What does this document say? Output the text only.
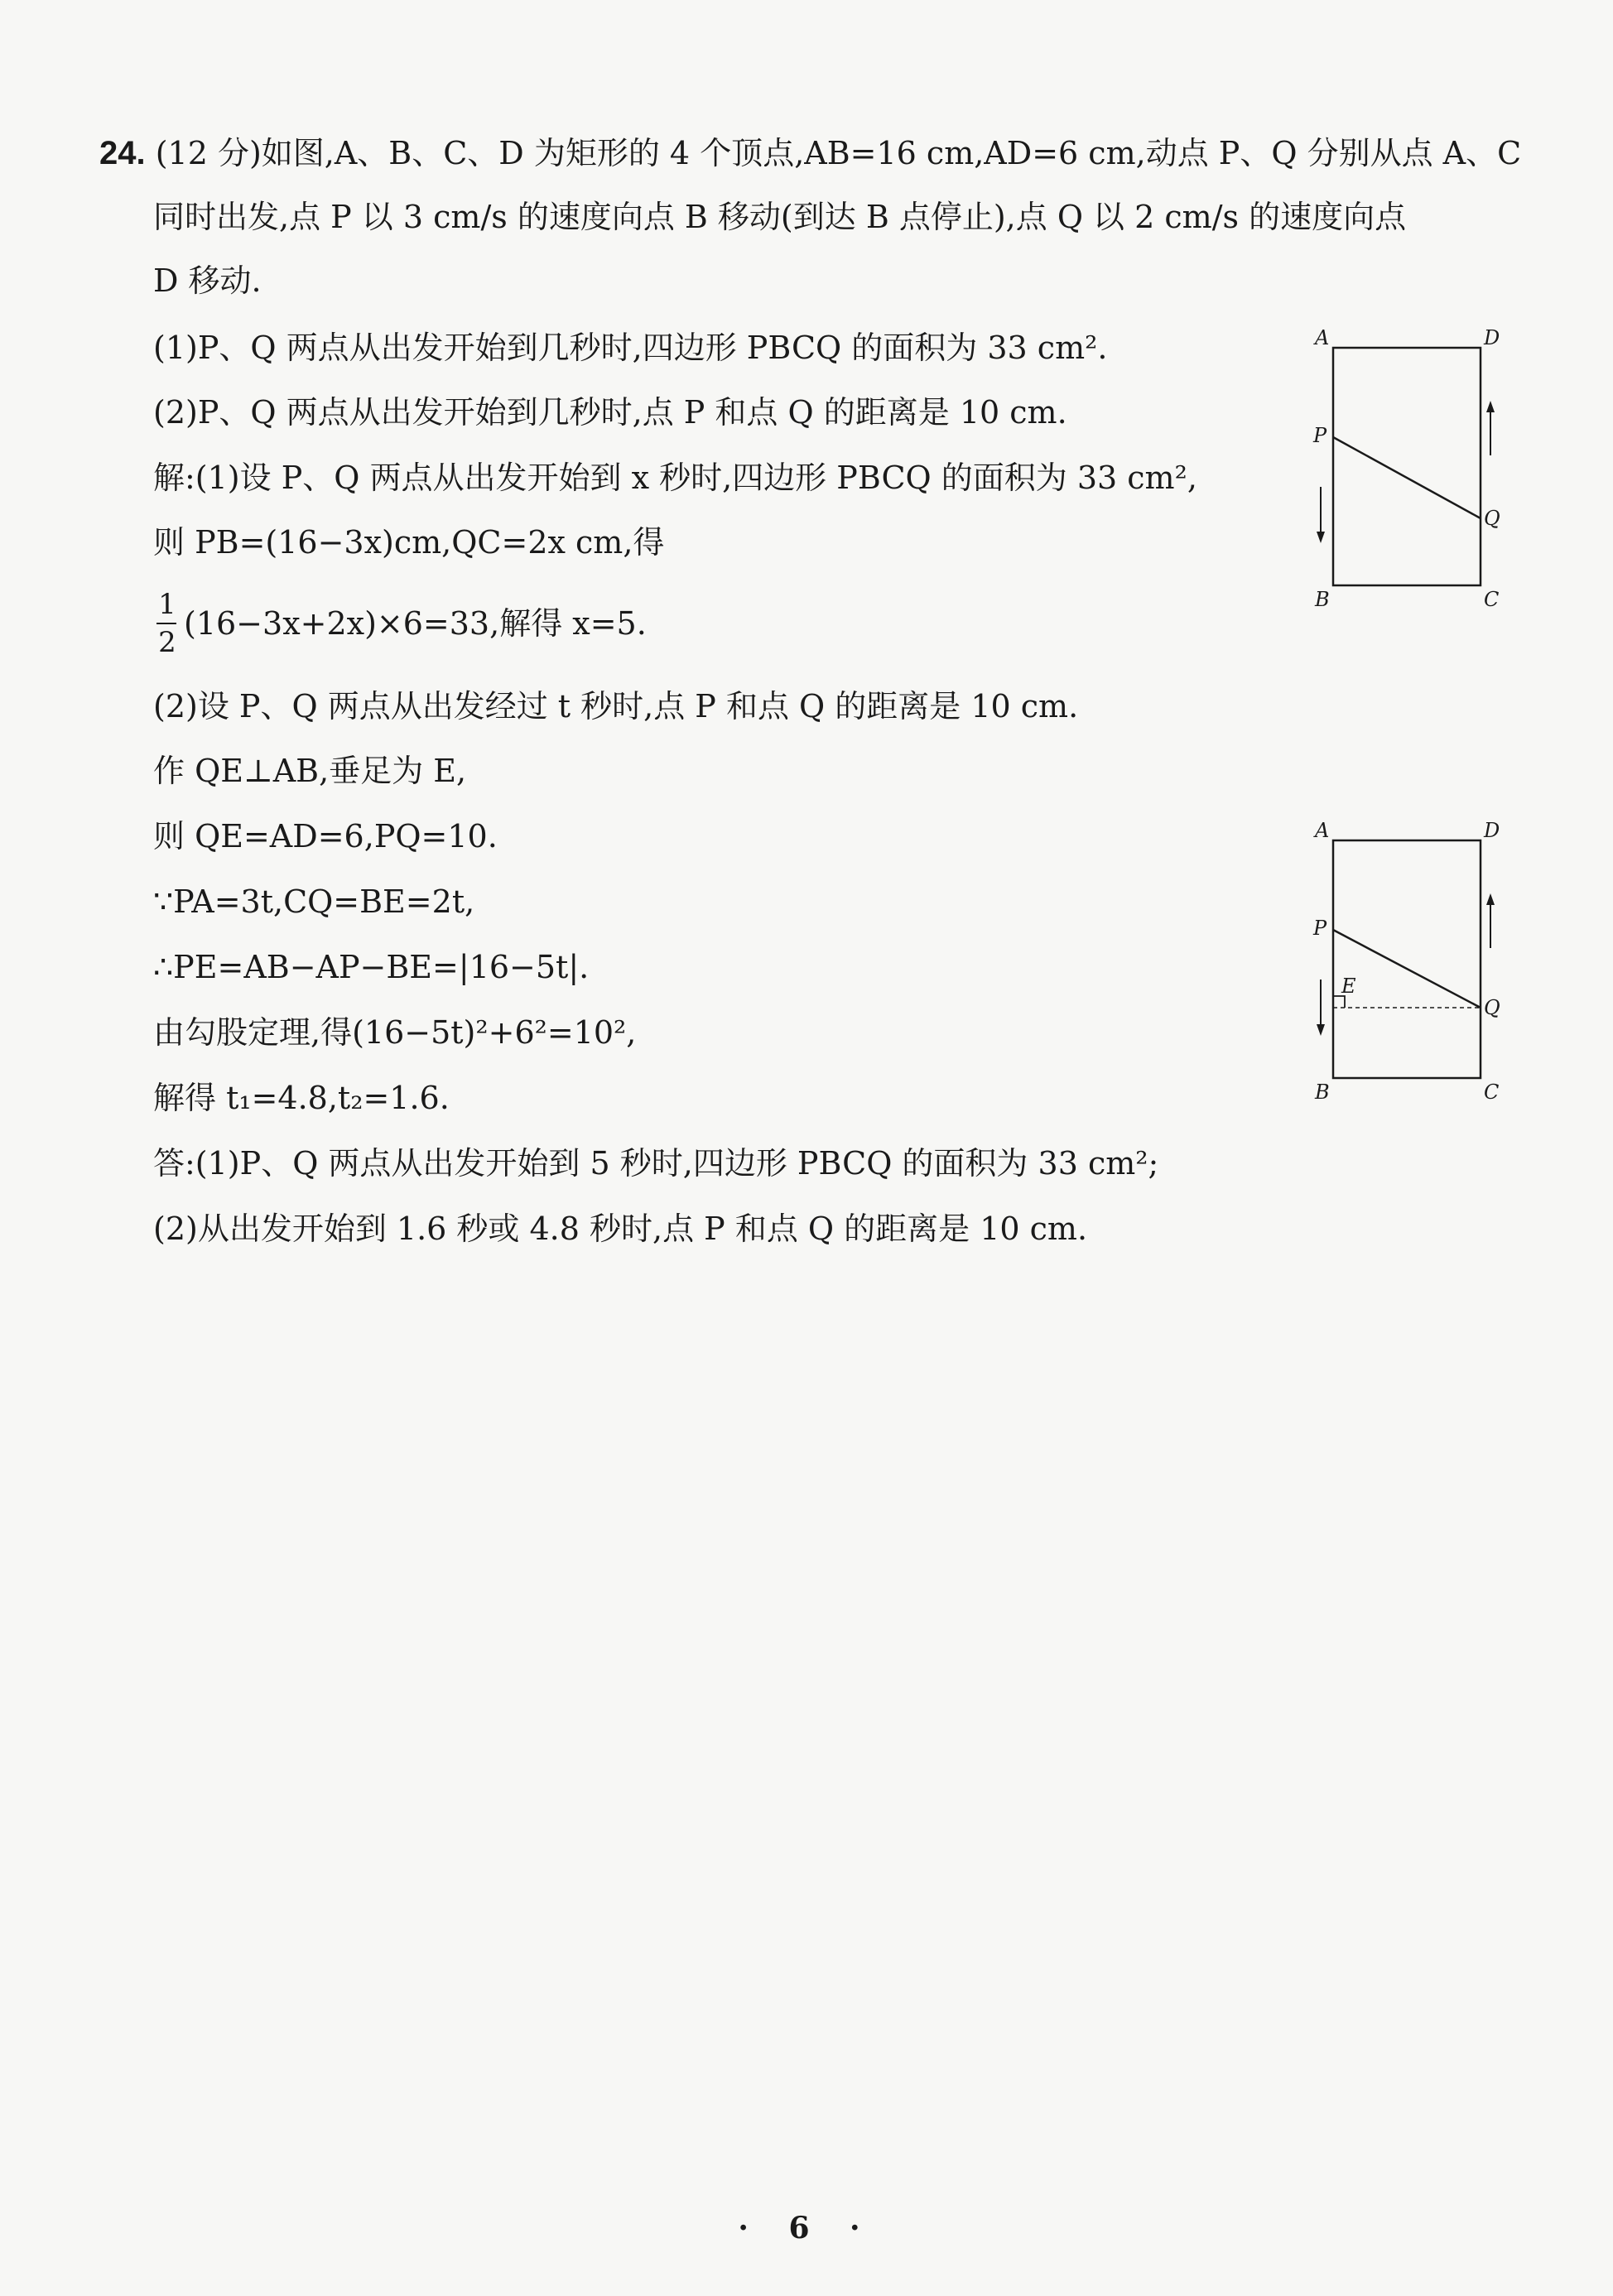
24. (12 分)如图,A、B、C、D 为矩形的 4 个顶点,AB=16 cm,AD=6 cm,动点 P、Q 分别从点 A、C
同时出发,点 P 以 3 cm/s 的速度向点 B 移动(到达 B 点停止),点 Q 以 2 cm/s 的速度向点
D 移动.
(1)P、Q 两点从出发开始到几秒时,四边形 PBCQ 的面积为 33 cm².
(2)P、Q 两点从出发开始到几秒时,点 P 和点 Q 的距离是 10 cm.
解:(1)设 P、Q 两点从出发开始到 x 秒时,四边形 PBCQ 的面积为 33 cm²,
则 PB=(16−3x)cm,QC=2x cm,得
1
2
(16−3x+2x)×6=33,解得 x=5.
(2)设 P、Q 两点从出发经过 t 秒时,点 P 和点 Q 的距离是 10 cm.
作 QE⊥AB,垂足为 E,
则 QE=AD=6,PQ=10.
∵PA=3t,CQ=BE=2t,
∴PE=AB−AP−BE=|16−5t|.
由勾股定理,得(16−5t)²+6²=10²,
解得 t₁=4.8,t₂=1.6.
答:(1)P、Q 两点从出发开始到 5 秒时,四边形 PBCQ 的面积为 33 cm²;
(2)从出发开始到 1.6 秒或 4.8 秒时,点 P 和点 Q 的距离是 10 cm.
A	D
P
Q
B	C
A	D
P
E
Q
B	C
· 6 ·
